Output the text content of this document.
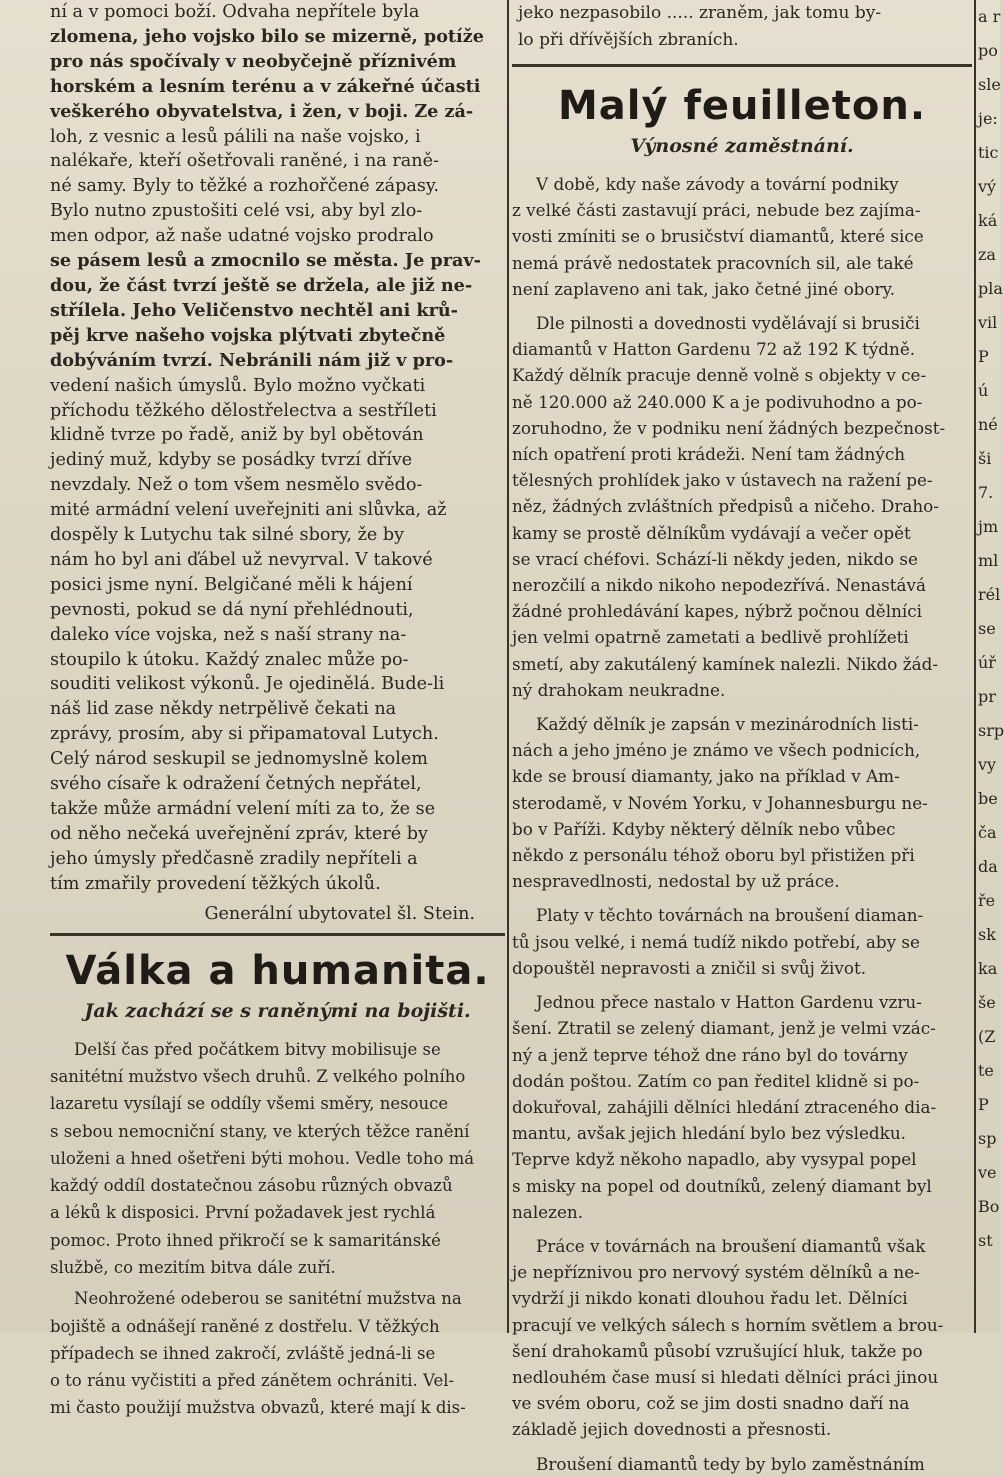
ní a v pomoci boží. Odvaha nepřítele byla
zlomena, jeho vojsko bilo se mizerně, potíže
pro nás spočívaly v neobyčejně příznivém
horském a lesním terénu a v zákeřné účasti
veškerého obyvatelstva, i žen, v boji. Ze zá-
loh, z vesnic a lesů pálili na naše vojsko, i
nalékaře, kteří ošetřovali raněné, i na raně-
né samy. Byly to těžké a rozhořčené zápasy.
Bylo nutno zpustošiti celé vsi, aby byl zlo-
men odpor, až naše udatné vojsko prodralo
se pásem lesů a zmocnilo se města. Je prav-
dou, že část tvrzí ještě se držela, ale již ne-
střílela. Jeho Veličenstvo nechtěl ani krů-
pěj krve našeho vojska plýtvati zbytečně
dobýváním tvrzí. Nebránili nám již v pro-
vedení našich úmyslů. Bylo možno vyčkati
příchodu těžkého dělostřelectva a sestříleti
klidně tvrze po řadě, aniž by byl obětován
jediný muž, kdyby se posádky tvrzí dříve
nevzdaly. Než o tom všem nesmělo svědo-
mité armádní velení uveřejniti ani slůvka, až
dospěly k Lutychu tak silné sbory, že by
nám ho byl ani ďábel už nevyrval. V takové
posici jsme nyní. Belgičané měli k hájení
pevnosti, pokud se dá nyní přehlédnouti,
daleko více vojska, než s naší strany na-
stoupilo k útoku. Každý znalec může po-
souditi velikost výkonů. Je ojedinělá. Bude-li
náš lid zase někdy netrpělivě čekati na
zprávy, prosím, aby si připamatoval Lutych.
Celý národ seskupil se jednomyslně kolem
svého císaře k odražení četných nepřátel,
takže může armádní velení míti za to, že se
od něho nečeká uveřejnění zpráv, které by
jeho úmysly předčasně zradily nepříteli a
tím zmařily provedení těžkých úkolů.
Generální ubytovatel šl. Stein.
Válka a humanita.
Jak zachází se s raněnými na bojišti.
Delší čas před počátkem bitvy mobilisuje se
sanitétní mužstvo všech druhů. Z velkého polního
lazaretu vysílají se oddíly všemi směry, nesouce
s sebou nemocniční stany, ve kterých těžce ranění
uloženi a hned ošetřeni býti mohou. Vedle toho má
každý oddíl dostatečnou zásobu různých obvazů
a léků k disposici. První požadavek jest rychlá
pomoc. Proto ihned přikročí se k samaritánské
službě, co mezitím bitva dále zuří.
Neohrožené odeberou se sanitétní mužstva na
bojiště a odnášejí raněné z dostřelu. V těžkých
případech se ihned zakročí, zvláště jedná-li se
o to ránu vyčistiti a před zánětem ochrániti. Vel-
mi často použijí mužstva obvazů, které mají k dis-
jeko nezpasobilo ..... zraněm, jak tomu by-
lo při dřívějších zbraních.
Malý feuilleton.
Výnosné zaměstnání.
V době, kdy naše závody a tovární podniky
z velké části zastavují práci, nebude bez zajíma-
vosti zmíniti se o brusičství diamantů, které sice
nemá právě nedostatek pracovních sil, ale také
není zaplaveno ani tak, jako četné jiné obory.
Dle pilnosti a dovednosti vydělávají si brusiči
diamantů v Hatton Gardenu 72 až 192 K týdně.
Každý dělník pracuje denně volně s objekty v ce-
ně 120.000 až 240.000 K a je podivuhodno a po-
zoruhodno, že v podniku není žádných bezpečnost-
ních opatření proti krádeži. Není tam žádných
tělesných prohlídek jako v ústavech na ražení pe-
něz, žádných zvláštních předpisů a ničeho. Draho-
kamy se prostě dělníkům vydávají a večer opět
se vrací chéfovi. Schází-li někdy jeden, nikdo se
nerozčilí a nikdo nikoho nepodezřívá. Nenastává
žádné prohledávání kapes, nýbrž počnou dělníci
jen velmi opatrně zametati a bedlivě prohlížeti
smetí, aby zakutálený kamínek nalezli. Nikdo žád-
ný drahokam neukradne.
Každý dělník je zapsán v mezinárodních listi-
nách a jeho jméno je známo ve všech podnicích,
kde se brousí diamanty, jako na příklad v Am-
sterodamě, v Novém Yorku, v Johannesburgu ne-
bo v Paříži. Kdyby některý dělník nebo vůbec
někdo z personálu téhož oboru byl přistižen při
nespravedlnosti, nedostal by už práce.
Platy v těchto továrnách na broušení diaman-
tů jsou velké, i nemá tudíž nikdo potřebí, aby se
dopouštěl nepravosti a zničil si svůj život.
Jednou přece nastalo v Hatton Gardenu vzru-
šení. Ztratil se zelený diamant, jenž je velmi vzác-
ný a jenž teprve téhož dne ráno byl do továrny
dodán poštou. Zatím co pan ředitel klidně si po-
dokuřoval, zahájili dělníci hledání ztraceného dia-
mantu, avšak jejich hledání bylo bez výsledku.
Teprve když někoho napadlo, aby vysypal popel
s misky na popel od doutníků, zelený diamant byl
nalezen.
Práce v továrnách na broušení diamantů však
je nepříznivou pro nervový systém dělníků a ne-
vydrží ji nikdo konati dlouhou řadu let. Dělníci
pracují ve velkých sálech s horním světlem a brou-
šení drahokamů působí vzrušující hluk, takže po
nedlouhém čase musí si hledati dělníci práci jinou
ve svém oboru, což se jim dosti snadno daří na
základě jejich dovednosti a přesnosti.
Broušení diamantů tedy by bylo zaměstnáním
a r
po
sle
je:
tic
vý
ká
za
pla
vil
P
ú
né
ši
7.
jm
ml
rél
se
úř
pr
srp
vy
be
ča
da
ře
sk
ka
še
(Z
te
P
sp
ve
Bo
st
